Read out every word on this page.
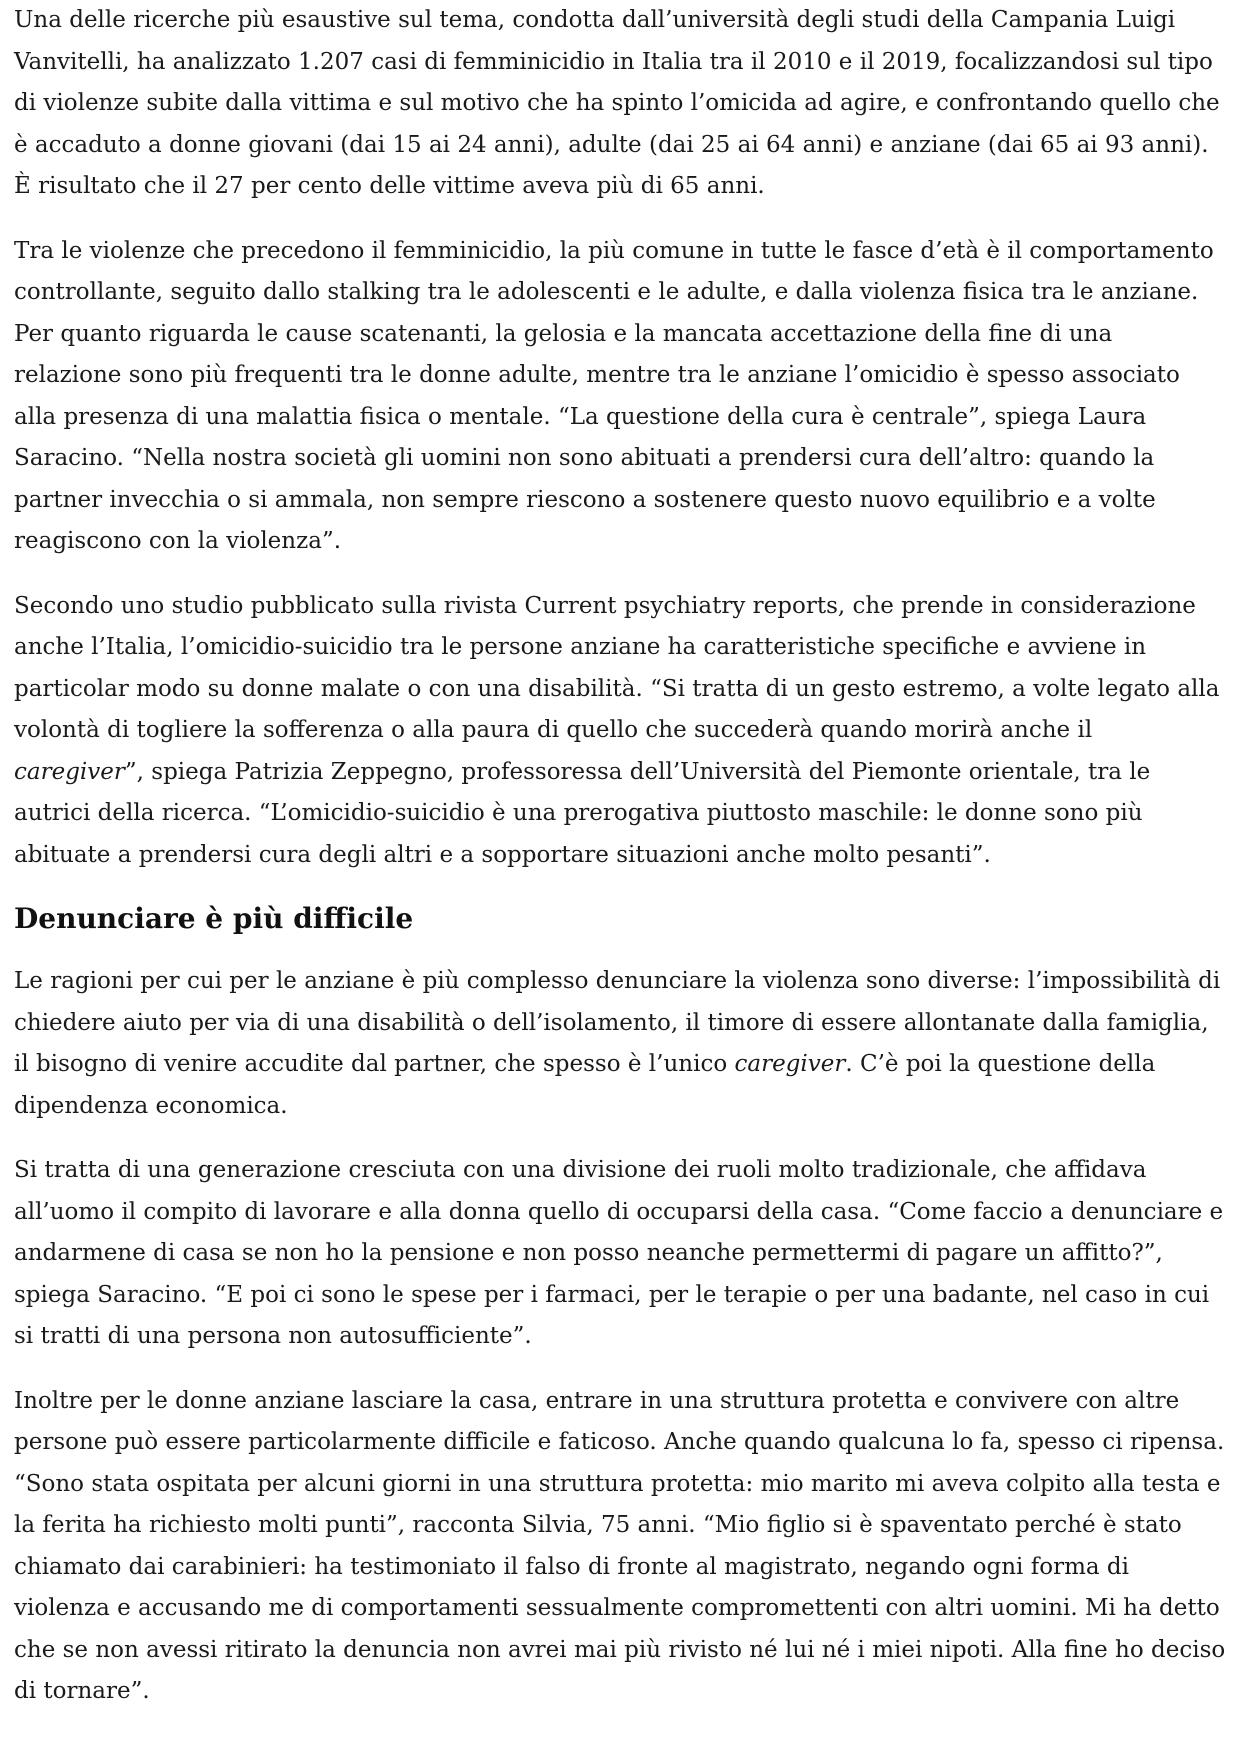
Una delle ricerche più esaustive sul tema, condotta dall’università degli studi della Campania Luigi Vanvitelli, ha analizzato 1.207 casi di femminicidio in Italia tra il 2010 e il 2019, focalizzandosi sul tipo di violenze subite dalla vittima e sul motivo che ha spinto l’omicida ad agire, e confrontando quello che è accaduto a donne giovani (dai 15 ai 24 anni), adulte (dai 25 ai 64 anni) e anziane (dai 65 ai 93 anni). È risultato che il 27 per cento delle vittime aveva più di 65 anni.

Tra le violenze che precedono il femminicidio, la più comune in tutte le fasce d’età è il comportamento controllante, seguito dallo stalking tra le adolescenti e le adulte, e dalla violenza fisica tra le anziane. Per quanto riguarda le cause scatenanti, la gelosia e la mancata accettazione della fine di una relazione sono più frequenti tra le donne adulte, mentre tra le anziane l’omicidio è spesso associato alla presenza di una malattia fisica o mentale. “La questione della cura è centrale”, spiega Laura Saracino. “Nella nostra società gli uomini non sono abituati a prendersi cura dell’altro: quando la partner invecchia o si ammala, non sempre riescono a sostenere questo nuovo equilibrio e a volte reagiscono con la violenza”.

Secondo uno studio pubblicato sulla rivista Current psychiatry reports, che prende in considerazione anche l’Italia, l’omicidio-suicidio tra le persone anziane ha caratteristiche specifiche e avviene in particolar modo su donne malate o con una disabilità. “Si tratta di un gesto estremo, a volte legato alla volontà di togliere la sofferenza o alla paura di quello che succederà quando morirà anche il caregiver”, spiega Patrizia Zeppegno, professoressa dell’Università del Piemonte orientale, tra le autrici della ricerca. “L’omicidio-suicidio è una prerogativa piuttosto maschile: le donne sono più abituate a prendersi cura degli altri e a sopportare situazioni anche molto pesanti”.

Denunciare è più difficile

Le ragioni per cui per le anziane è più complesso denunciare la violenza sono diverse: l’impossibilità di chiedere aiuto per via di una disabilità o dell’isolamento, il timore di essere allontanate dalla famiglia, il bisogno di venire accudite dal partner, che spesso è l’unico caregiver. C’è poi la questione della dipendenza economica.

Si tratta di una generazione cresciuta con una divisione dei ruoli molto tradizionale, che affidava all’uomo il compito di lavorare e alla donna quello di occuparsi della casa. “Come faccio a denunciare e andarmene di casa se non ho la pensione e non posso neanche permettermi di pagare un affitto?”, spiega Saracino. “E poi ci sono le spese per i farmaci, per le terapie o per una badante, nel caso in cui si tratti di una persona non autosufficiente”.

Inoltre per le donne anziane lasciare la casa, entrare in una struttura protetta e convivere con altre persone può essere particolarmente difficile e faticoso. Anche quando qualcuna lo fa, spesso ci ripensa. “Sono stata ospitata per alcuni giorni in una struttura protetta: mio marito mi aveva colpito alla testa e la ferita ha richiesto molti punti”, racconta Silvia, 75 anni. “Mio figlio si è spaventato perché è stato chiamato dai carabinieri: ha testimoniato il falso di fronte al magistrato, negando ogni forma di violenza e accusando me di comportamenti sessualmente compromettenti con altri uomini. Mi ha detto che se non avessi ritirato la denuncia non avrei mai più rivisto né lui né i miei nipoti. Alla fine ho deciso di tornare”.
